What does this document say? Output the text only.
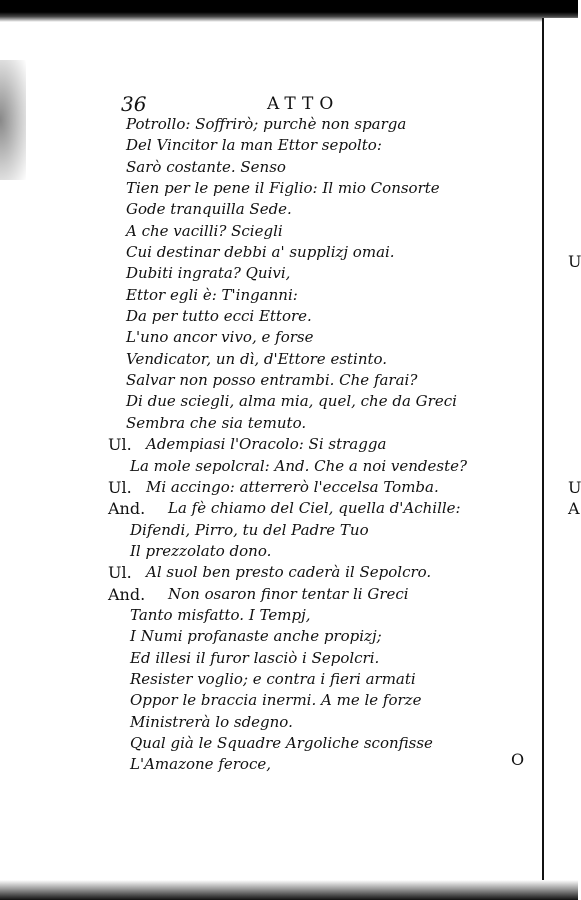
36	ATTO
Potrollo: Soffrirò; purchè non sparga
Del Vincitor la man Ettor sepolto:
Sarò costante. Senso
Tien per le pene il Figlio: Il mio Consorte
Gode tranquilla Sede.
A che vacilli? Sciegli
Cui destinar debbi a' supplizj omai.
Dubiti ingrata? Quivi,
Ettor egli è: T'inganni:
Da per tutto ecci Ettore.
L'uno ancor vivo, e forse
Vendicator, un dì, d'Ettore estinto.
Salvar non posso entrambi. Che farai?
Di due sciegli, alma mia, quel, che da Greci
Sembra che sia temuto.
Ul. Adempiasi l'Oracolo: Si stragga
La mole sepolcral: And. Che a noi vendeste?
Ul. Mi accingo: atterrerò l'eccelsa Tomba.
And. La fè chiamo del Ciel, quella d'Achille:
Difendi, Pirro, tu del Padre Tuo
Il prezzolato dono.
Ul. Al suol ben presto caderà il Sepolcro.
And. Non osaron finor tentar li Greci
Tanto misfatto. I Tempj,
I Numi profanaste anche propizj;
Ed illesi il furor lasciò i Sepolcri.
Resister voglio; e contra i fieri armati
Oppor le braccia inermi. A me le forze
Ministrerà lo sdegno.
Qual già le Squadre Argoliche sconfisse
L'Amazone feroce,
U
U
A
O
